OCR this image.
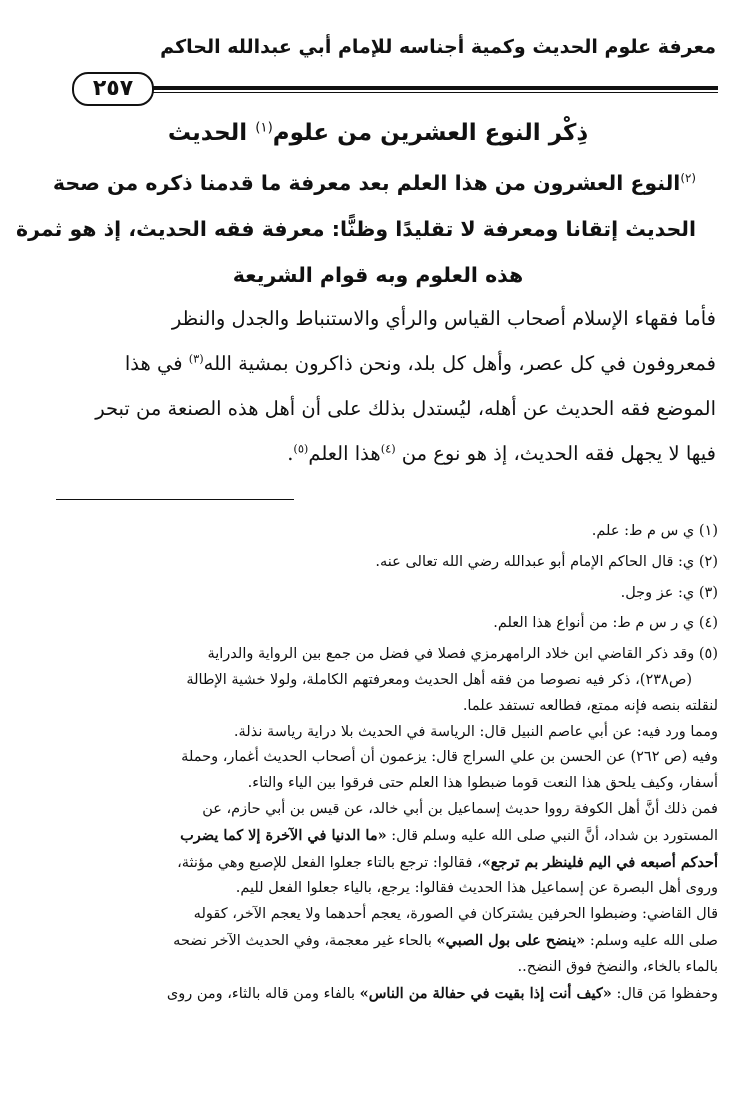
معرفة علوم الحديث وكمية أجناسه للإمام أبي عبدالله الحاكم
٢٥٧
ذِكْر النوع العشرين من علوم$^{(١)}$ الحديث
$^{(٢)}$النوع العشرون من هذا العلم بعد معرفة ما قدمنا ذكره من صحة
الحديث إتقانا ومعرفة لا تقليدًا وظنًّا: معرفة فقه الحديث، إذ هو ثمرة
هذه العلوم وبه قوام الشريعة
فأما فقهاء الإسلام أصحاب القياس والرأي والاستنباط والجدل والنظر
فمعروفون في كل عصر، وأهل كل بلد، ونحن ذاكرون بمشية الله$^{(٣)}$ في هذا
الموضع فقه الحديث عن أهله، ليُستدل بذلك على أن أهل هذه الصنعة من تبحر
فيها لا يجهل فقه الحديث، إذ هو نوع من $^{(٤)}$هذا العلم$^{(٥)}$.
(١) ي س م ط: علم.
(٢) ي: قال الحاكم الإمام أبو عبدالله رضي الله تعالى عنه.
(٣) ي: عز وجل.
(٤) ي ر س م ط: من أنواع هذا العلم.
(٥) وقد ذكر القاضي ابن خلاد الرامهرمزي فصلا في فضل من جمع بين الرواية والدراية
(ص٢٣٨)، ذكر فيه نصوصا من فقه أهل الحديث ومعرفتهم الكاملة، ولولا خشية الإطالة
لنقلته بنصه فإنه ممتع، فطالعه تستفد علما.
ومما ورد فيه: عن أبي عاصم النبيل قال: الرياسة في الحديث بلا دراية رياسة نذلة.
وفيه (ص ٢٦٢) عن الحسن بن علي السراج قال: يزعمون أن أصحاب الحديث أغمار، وحملة
أسفار، وكيف يلحق هذا النعت قوما ضبطوا هذا العلم حتى فرقوا بين الياء والتاء.
فمن ذلك أنَّ أهل الكوفة رووا حديث إسماعيل بن أبي خالد، عن قيس بن أبي حازم، عن
المستورد بن شداد، أنَّ النبي صلى الله عليه وسلم قال: «ما الدنيا في الآخرة إلا كما يضرب
أحدكم أصبعه في اليم فلينظر بم ترجع»، فقالوا: ترجع بالتاء جعلوا الفعل للإصبع وهي مؤنثة،
وروى أهل البصرة عن إسماعيل هذا الحديث فقالوا: يرجع، بالياء جعلوا الفعل لليم.
قال القاضي: وضبطوا الحرفين يشتركان في الصورة، يعجم أحدهما ولا يعجم الآخر، كقوله
صلى الله عليه وسلم: «ينضح على بول الصبي» بالحاء غير معجمة، وفي الحديث الآخر نضحه
بالماء بالخاء، والنضخ فوق النضح..
وحفظوا مَن قال: «كيف أنت إذا بقيت في حفالة من الناس» بالفاء ومن قاله بالثاء، ومن روى
